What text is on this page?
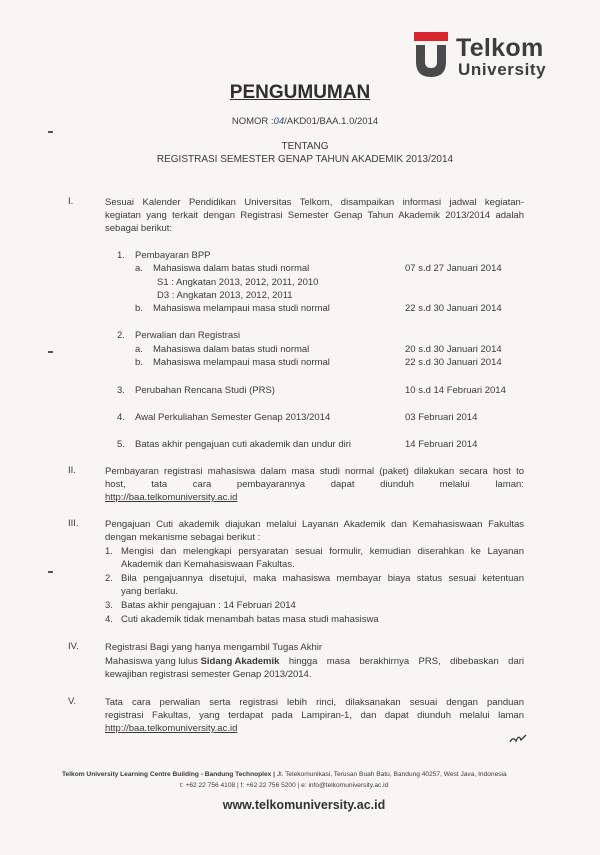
Telkom
University
PENGUMUMAN
NOMOR :04/AKD01/BAA.1.0/2014
TENTANG
REGISTRASI SEMESTER GENAP TAHUN AKADEMIK 2013/2014
I.	Sesuai Kalender Pendidikan Universitas Telkom, disampaikan informasi jadwal kegiatan-
kegiatan yang terkait dengan Registrasi Semester Genap Tahun Akademik 2013/2014 adalah
sebagai berikut:
1. Pembayaran BPP
a. Mahasiswa dalam batas studi normal	07 s.d 27 Januari 2014
S1 : Angkatan 2013, 2012, 2011, 2010
D3 : Angkatan 2013, 2012, 2011
b. Mahasiswa melampaui masa studi normal	22 s.d 30 Januari 2014
2. Perwalian dan Registrasi
a. Mahasiswa dalam batas studi normal	20 s.d 30 Januari 2014
b. Mahasiswa melampaui masa studi normal	22 s.d 30 Januari 2014
3. Perubahan Rencana Studi (PRS)	10 s.d 14 Februari 2014
4. Awal Perkuliahan Semester Genap 2013/2014	03 Februari 2014
5. Batas akhir pengajuan cuti akademik dan undur diri	14 Februari 2014
II.	Pembayaran registrasi mahasiswa dalam masa studi normal (paket) dilakukan secara host to
host,	tata	cara	pembayarannya	dapat	diunduh	melalui	laman:
http://baa.telkomuniversity.ac.id
III.	Pengajuan Cuti akademik diajukan melalui Layanan Akademik dan Kemahasiswaan Fakultas
dengan mekanisme sebagai berikut :
1. Mengisi dan melengkapi persyaratan sesuai formulir, kemudian diserahkan ke Layanan
Akademik dan Kemahasiswaan Fakultas.
2. Bila pengajuannya disetujui, maka mahasiswa membayar biaya status sesuai ketentuan
yang berlaku.
3. Batas akhir pengajuan : 14 Februari 2014
4. Cuti akademik tidak menambah batas masa studi mahasiswa
IV.	Registrasi Bagi yang hanya mengambil Tugas Akhir
Mahasiswa yang lulus Sidang Akademik hingga masa berakhirnya PRS, dibebaskan dari
kewajiban registrasi semester Genap 2013/2014.
V.	Tata cara perwalian serta registrasi lebih rinci, dilaksanakan sesuai dengan panduan
registrasi Fakultas, yang terdapat pada Lampiran-1, dan dapat diunduh melalui laman
http://baa.telkomuniversity.ac.id
Telkom University Learning Centre Building - Bandung Technoplex | Jl. Telekomunikasi, Terusan Buah Batu, Bandung 40257, West Java, Indonesia
t: +62 22 756 4108 | f: +62 22 756 5200 | e: info@telkomuniversity.ac.id
www.telkomuniversity.ac.id
